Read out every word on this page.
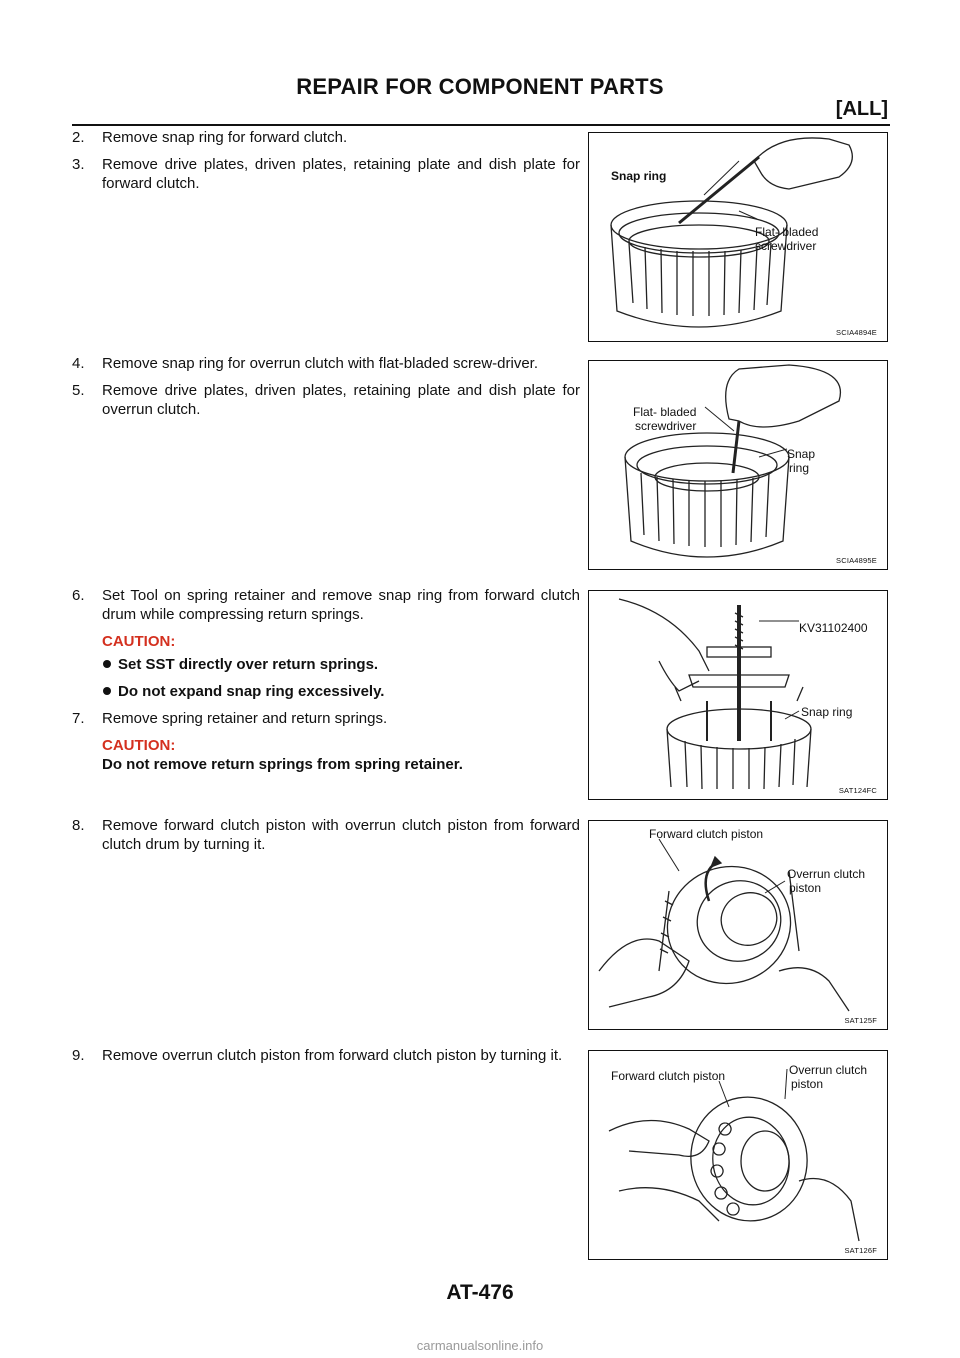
REPAIR FOR COMPONENT PARTS
[ALL]
2. Remove snap ring for forward clutch.
3. Remove drive plates, driven plates, retaining plate and dish plate for forward clutch.	Snap ring
Flat- bladed
screwdriver
SCIA4894E
4. Remove snap ring for overrun clutch with flat-bladed screw-driver.
5. Remove drive plates, driven plates, retaining plate and dish plate for overrun clutch.	Flat- bladed
screwdriver
Snap
ring
SCIA4895E
6. Set Tool on spring retainer and remove snap ring from forward clutch drum while compressing return springs.
CAUTION:
Set SST directly over return springs.
Do not expand snap ring excessively.
7. Remove spring retainer and return springs.
CAUTION:
Do not remove return springs from spring retainer.
KV31102400
Snap ring
SAT124FC
8. Remove forward clutch piston with overrun clutch piston from forward clutch drum by turning it.
Forward clutch piston
Overrun clutch
piston
SAT125F
9. Remove overrun clutch piston from forward clutch piston by turning it.
Forward clutch piston	Overrun clutch
piston
SAT126F
AT-476
carmanualsonline.info
